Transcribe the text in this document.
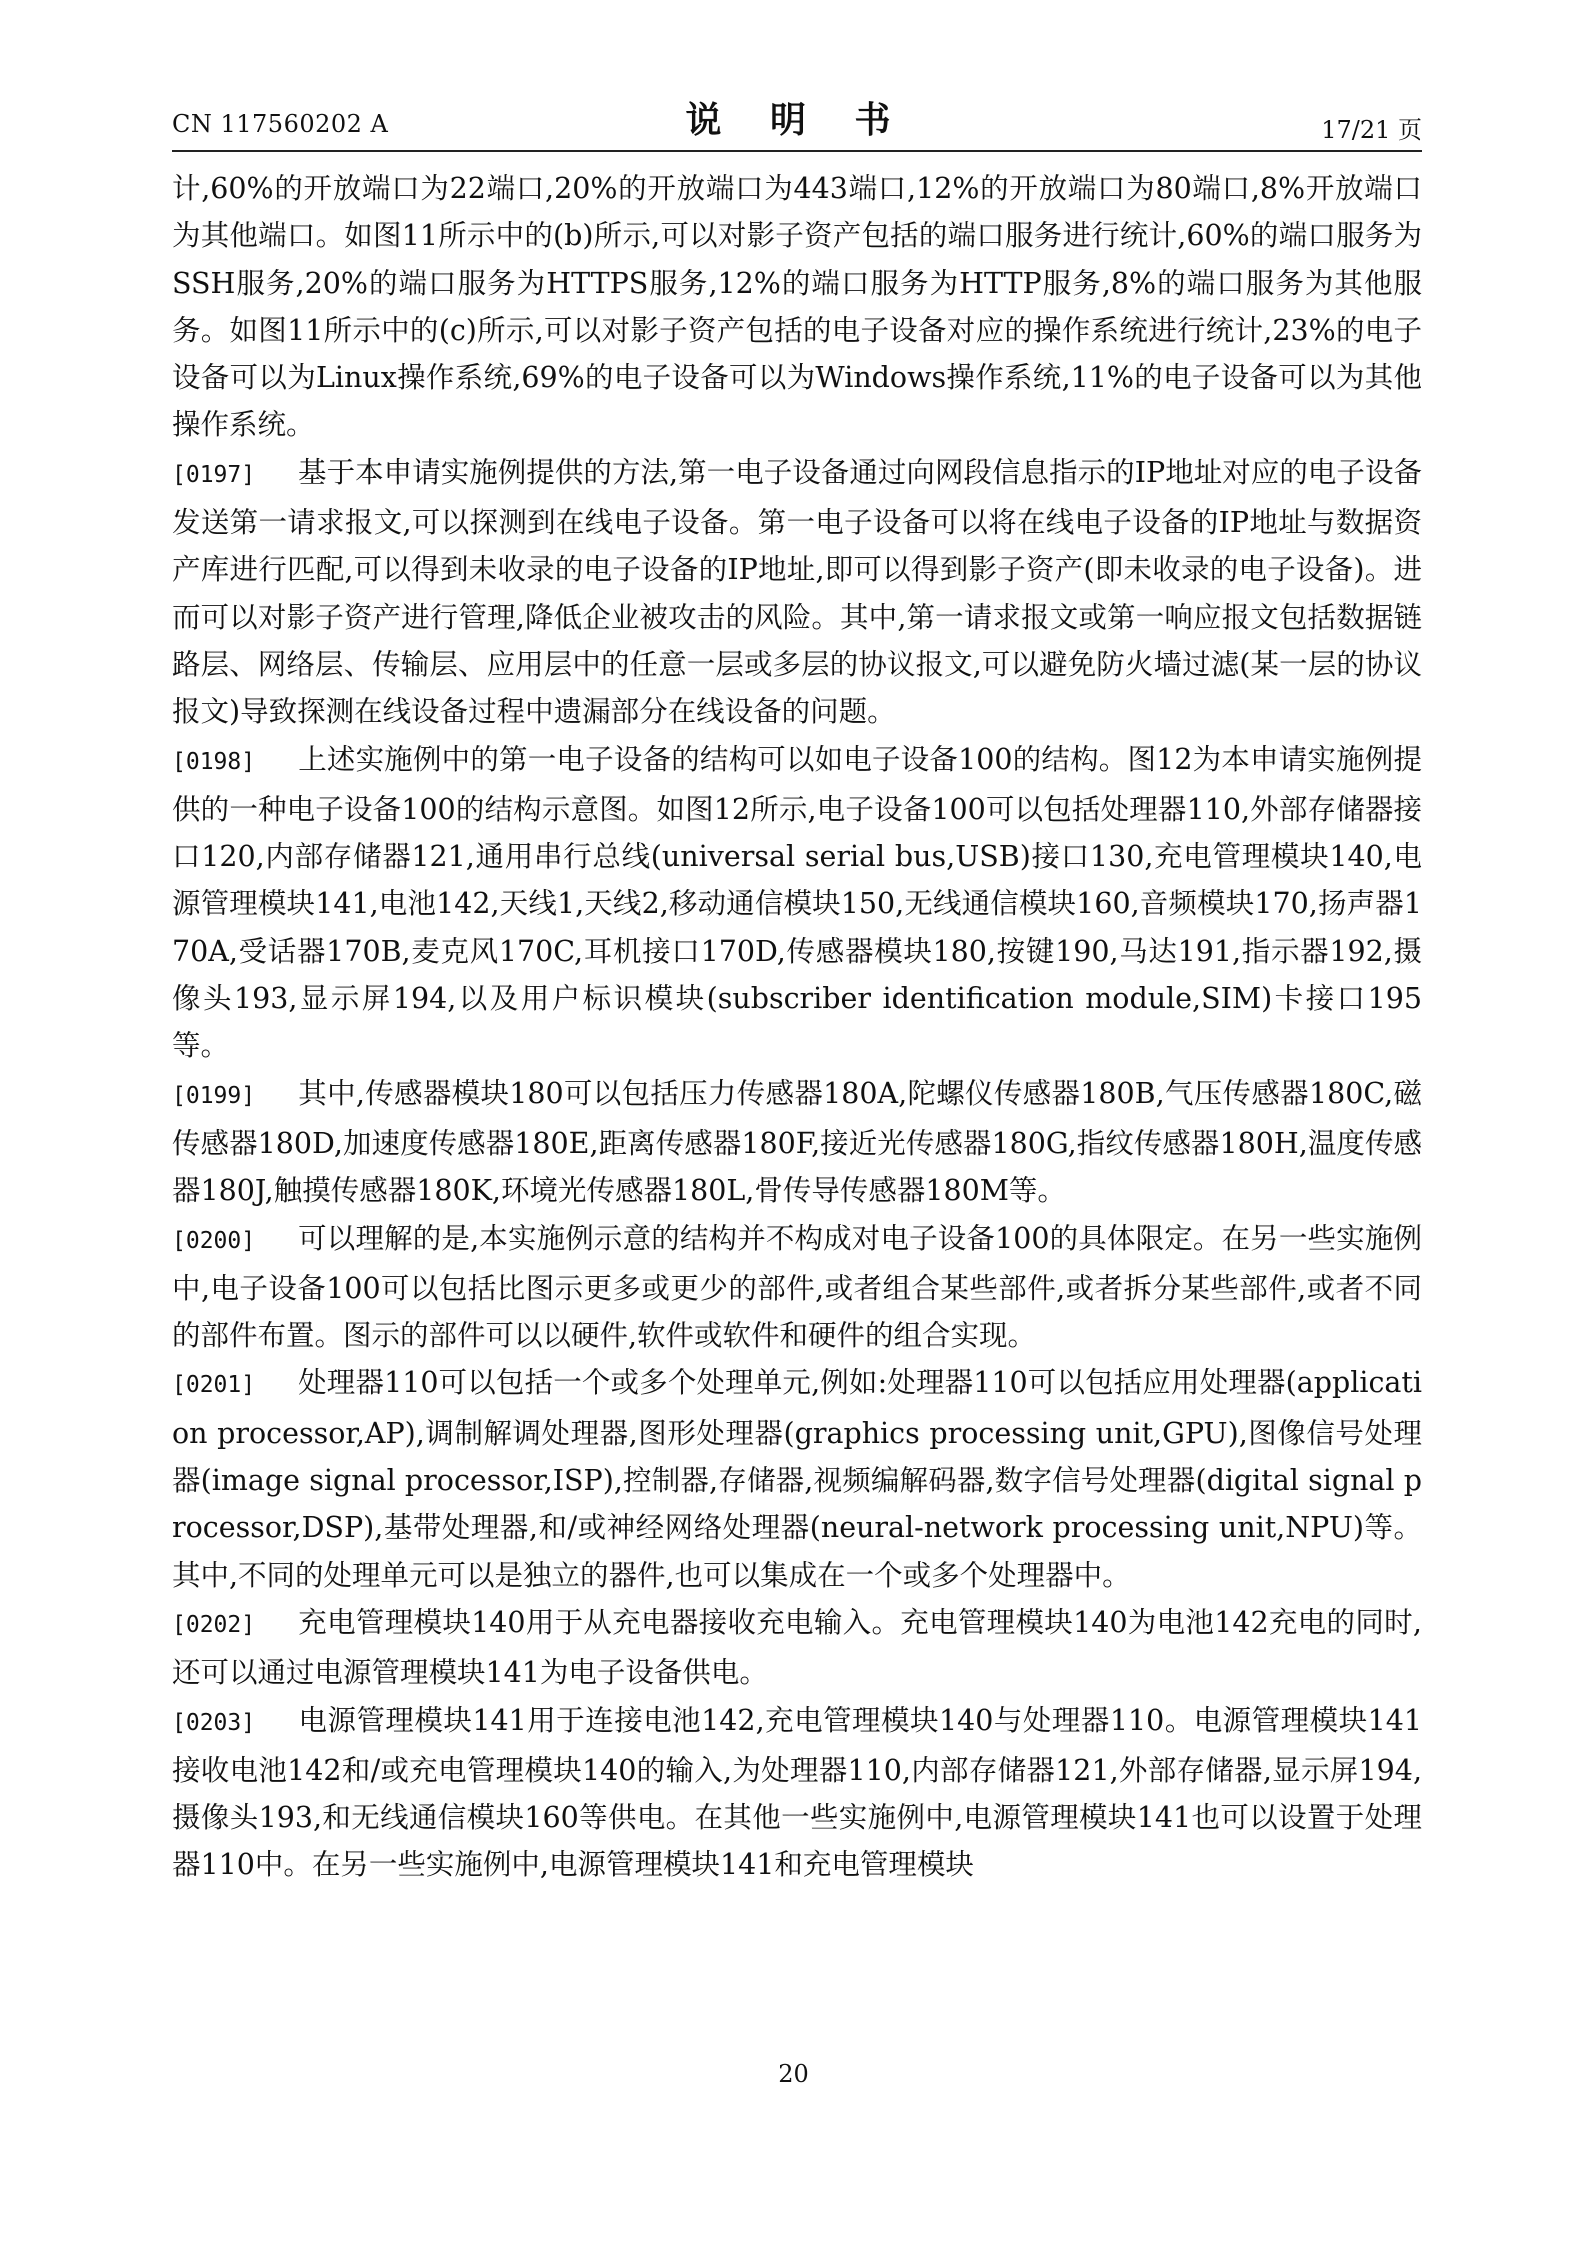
CN 117560202 A	说 明 书	17/21 页

计,60%的开放端口为22端口,20%的开放端口为443端口,12%的开放端口为80端口,8%开放端口为其他端口。如图11所示中的(b)所示,可以对影子资产包括的端口服务进行统计,60%的端口服务为SSH服务,20%的端口服务为HTTPS服务,12%的端口服务为HTTP服务,8%的端口服务为其他服务。如图11所示中的(c)所示,可以对影子资产包括的电子设备对应的操作系统进行统计,23%的电子设备可以为Linux操作系统,69%的电子设备可以为Windows操作系统,11%的电子设备可以为其他操作系统。

[0197] 基于本申请实施例提供的方法,第一电子设备通过向网段信息指示的IP地址对应的电子设备发送第一请求报文,可以探测到在线电子设备。第一电子设备可以将在线电子设备的IP地址与数据资产库进行匹配,可以得到未收录的电子设备的IP地址,即可以得到影子资产(即未收录的电子设备)。进而可以对影子资产进行管理,降低企业被攻击的风险。其中,第一请求报文或第一响应报文包括数据链路层、网络层、传输层、应用层中的任意一层或多层的协议报文,可以避免防火墙过滤(某一层的协议报文)导致探测在线设备过程中遗漏部分在线设备的问题。

[0198] 上述实施例中的第一电子设备的结构可以如电子设备100的结构。图12为本申请实施例提供的一种电子设备100的结构示意图。如图12所示,电子设备100可以包括处理器110,外部存储器接口120,内部存储器121,通用串行总线(universal serial bus,USB)接口130,充电管理模块140,电源管理模块141,电池142,天线1,天线2,移动通信模块150,无线通信模块160,音频模块170,扬声器170A,受话器170B,麦克风170C,耳机接口170D,传感器模块180,按键190,马达191,指示器192,摄像头193,显示屏194,以及用户标识模块(subscriber identification module,SIM)卡接口195等。

[0199] 其中,传感器模块180可以包括压力传感器180A,陀螺仪传感器180B,气压传感器180C,磁传感器180D,加速度传感器180E,距离传感器180F,接近光传感器180G,指纹传感器180H,温度传感器180J,触摸传感器180K,环境光传感器180L,骨传导传感器180M等。

[0200] 可以理解的是,本实施例示意的结构并不构成对电子设备100的具体限定。在另一些实施例中,电子设备100可以包括比图示更多或更少的部件,或者组合某些部件,或者拆分某些部件,或者不同的部件布置。图示的部件可以以硬件,软件或软件和硬件的组合实现。

[0201] 处理器110可以包括一个或多个处理单元,例如:处理器110可以包括应用处理器(application processor,AP),调制解调处理器,图形处理器(graphics processing unit,GPU),图像信号处理器(image signal processor,ISP),控制器,存储器,视频编解码器,数字信号处理器(digital signal processor,DSP),基带处理器,和/或神经网络处理器(neural-network processing unit,NPU)等。其中,不同的处理单元可以是独立的器件,也可以集成在一个或多个处理器中。

[0202] 充电管理模块140用于从充电器接收充电输入。充电管理模块140为电池142充电的同时,还可以通过电源管理模块141为电子设备供电。

[0203] 电源管理模块141用于连接电池142,充电管理模块140与处理器110。电源管理模块141接收电池142和/或充电管理模块140的输入,为处理器110,内部存储器121,外部存储器,显示屏194,摄像头193,和无线通信模块160等供电。在其他一些实施例中,电源管理模块141也可以设置于处理器110中。在另一些实施例中,电源管理模块141和充电管理模块

20
